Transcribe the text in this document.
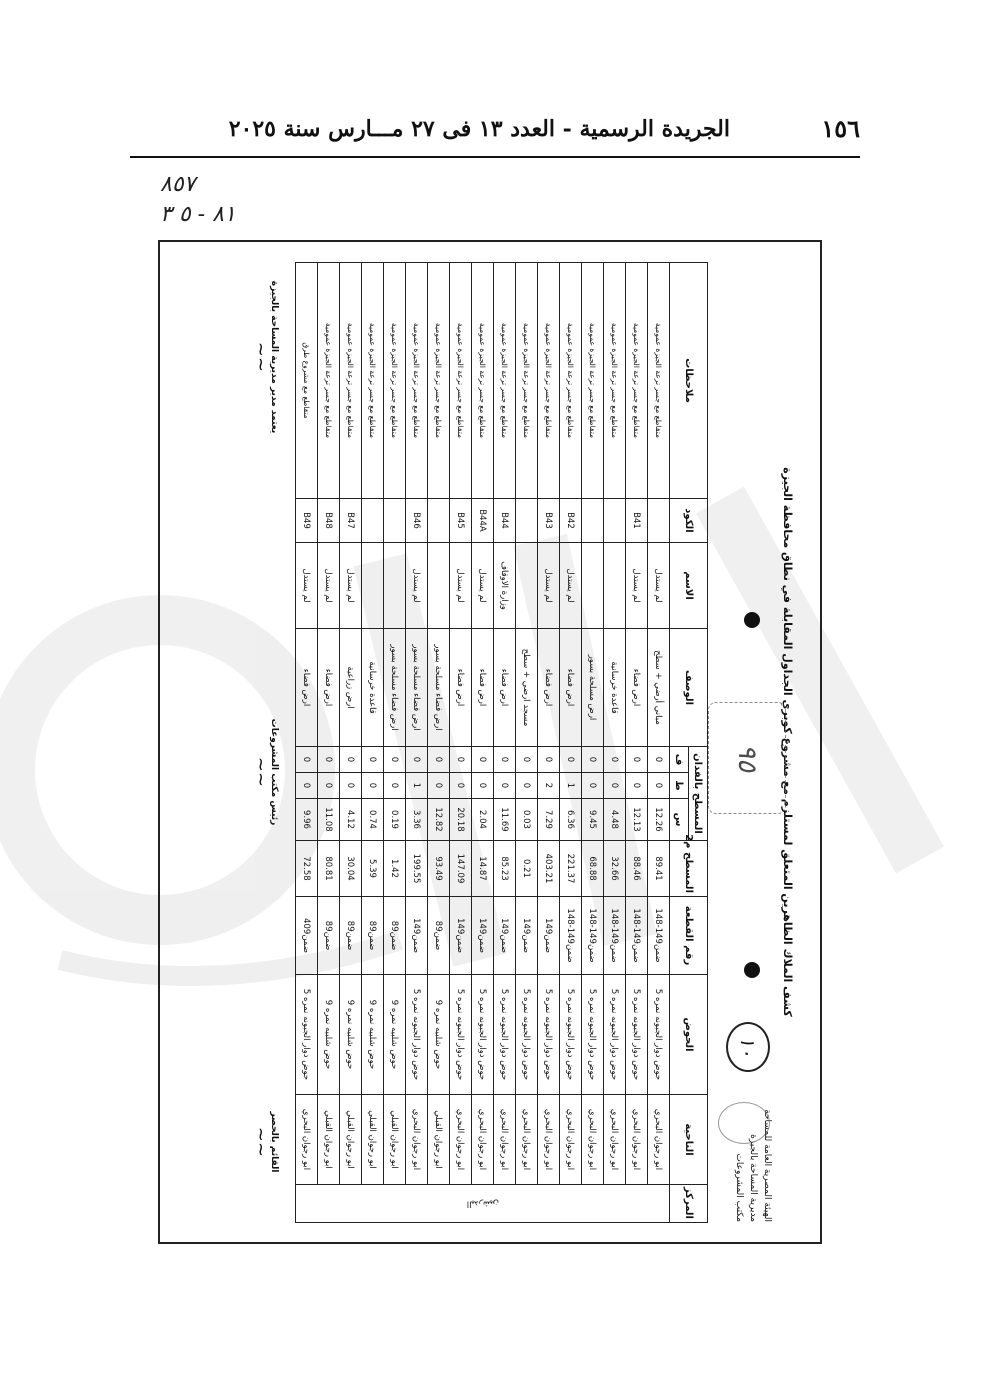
١٥٦
الجريدة الرسمية - العدد ١٣ فى ٢٧ مـــارس سنة ٢٠٢٥
٨٥٧
٨١ - ٥ ٣
كشف الملاك الظاهرين المتعلق لمستلزم مع مشروع كوبري الجداول المقابلة في نطاق محافظة الجيزة
الهيئة المصرية العامة للمساحة
مديرية المساحة بالجيزة
مكتب المشروعات
١٠
٩٥
المركز	الناحية	الحوض	رقم القطعة	المسطح م2	المسطح بالفدان			الوصف	الاسم	الكود	ملاحظات
					س	ط	ف				
البدرشين	ابو رجوان البحري	حوض دوار الجبونه نمره 5	ضمن149-148	89.41	12.26	0	0	مباني أرضي + سطح	لم يستدل		متقاطع مع جسر ترعة الجيزة عمومية
	ابو رجوان البحري	حوض دوار الجبونه نمره 5	ضمن149-148	88.46	12.13	0	0	ارض فضاء	لم يستدل	B41	متقاطع مع جسر ترعة الجيزة عمومية
	ابو رجوان البحري	حوض دوار الجبونه نمره 5	ضمن149-148	32.66	4.48	0	0	قاعدة خرسانية			متقاطع مع جسر ترعة الجيزة عمومية
	ابو رجوان البحري	حوض دوار الجبونه نمره 5	ضمن149-148	68.88	9.45	0	0	ارض مسلحة بسور			متقاطع مع جسر ترعة الجيزة عمومية
	ابو رجوان البحري	حوض دوار الجبونه نمره 5	ضمن149-148	221.37	6.36	1	0	ارض فضاء	لم يستدل	B42	متقاطع مع جسر ترعة الجيزة عمومية
	ابو رجوان البحري	حوض دوار الجبونه نمره 5	ضمن149	403.21	7.29	2	0	ارض فضاء	لم يستدل	B43	متقاطع مع جسر ترعة الجيزة عمومية
	ابو رجوان البحري	حوض دوار الجبونه نمره 5	ضمن149	0.21	0.03	0	0	مسجد ارضي + سطح			متقاطع مع جسر ترعة الجيزة عمومية
	ابو رجوان البحري	حوض دوار الجبونه نمره 5	ضمن149	85.23	11.69	0	0	ارض فضاء	وزارة الاوقاف	B44	متقاطع مع جسر ترعة الجيزة عمومية
	ابو رجوان البحري	حوض دوار الجبونه نمره 5	ضمن149	14.87	2.04	0	0	ارض فضاء	لم يستدل	B44A	متقاطع مع جسر ترعة الجيزة عمومية
	ابو رجوان البحري	حوض دوار الجبونه نمره 5	ضمن149	147.09	20.18	0	0	ارض فضاء	لم يستدل	B45	متقاطع مع جسر ترعة الجيزة عمومية
	ابو رجوان القبلي	حوض شلبيه نمره 9	ضمن89	93.49	12.82	0	0	ارض فضاء مسلحة بسور			متقاطع مع جسر ترعة الجيزة عمومية
	ابو رجوان البحري	حوض دوار الجبونه نمره 5	ضمن149	199.55	3.36	1	0	ارض فضاء مسلحة بسور	لم يستدل	B46	متقاطع مع جسر ترعة الجيزة عمومية
	ابو رجوان القبلي	حوض شلبيه نمره 9	ضمن89	1.42	0.19	0	0	ارض فضاء مسلحة بسور			متقاطع مع جسر ترعة الجيزة عمومية
	ابو رجوان القبلي	حوض شلبيه نمره 9	ضمن89	5.39	0.74	0	0	قاعدة خرسانية			متقاطع مع جسر ترعة الجيزة عمومية
	ابو رجوان القبلي	حوض شلبيه نمره 9	ضمن89	30.04	4.12	0	0	ارض زراعية	لم يستدل	B47	متقاطع مع جسر ترعة الجيزة عمومية
	ابو رجوان القبلي	حوض شلبيه نمره 9	ضمن89	80.81	11.08	0	0	ارض فضاء	لم يستدل	B48	متقاطع مع جسر ترعة الجيزة عمومية
	ابو رجوان البحري	حوض دوار الجبونه نمره 5	ضمن409	72.58	9.96	0	0	ارض فضاء	لم يستدل	B49	متقاطع مع مشروع طرق
القائم بالحصر
~~
رئيس مكتب المشروعات
~~
يعتمد مدير مديرية المساحة بالجيزة
~~
